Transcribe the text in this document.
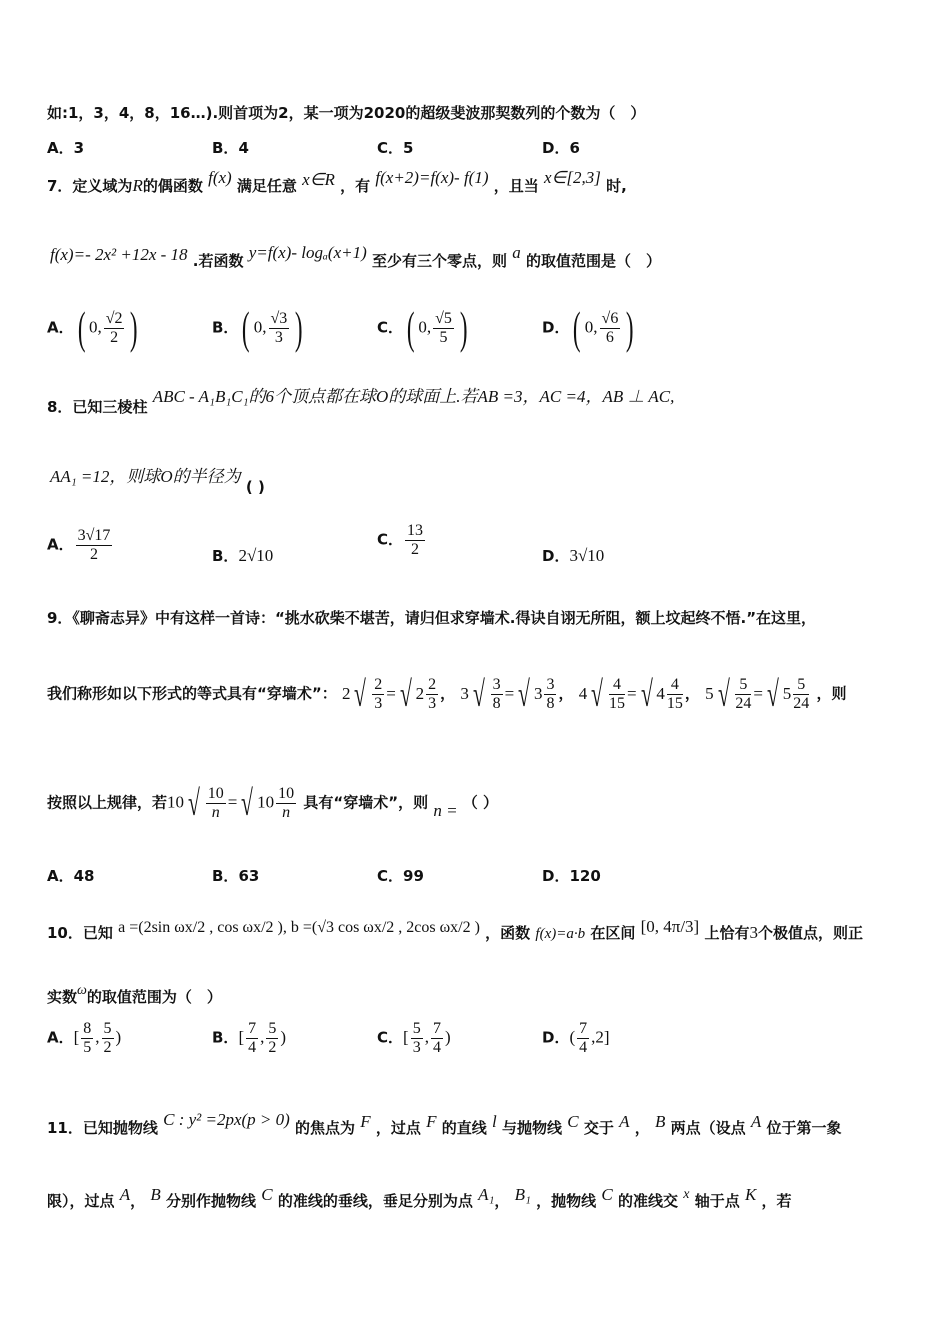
如:1，3，4，8，16…).则首项为2，某一项为2020的超级斐波那契数列的个数为（　）
A．3	B．4	C．5	D．6
7．定义域为R的偶函数 f(x) 满足任意 x∈R ，有 f(x+2)=f(x)- f(1) ，且当 x∈[2,3] 时,
f(x)=- 2x² +12x - 18 .若函数 y=f(x)- logₐ(x+1) 至少有三个零点，则 a 的取值范围是（　）
A．( 0, $\frac{√2}{2}$ )	B．( 0, $\frac{√3}{3}$ )	C．( 0, $\frac{√5}{5}$ )	D．( 0, $\frac{√6}{6}$ )
8．已知三棱柱 ABC - A₁B₁C₁的6个顶点都在球O的球面上.若AB =3，AC =4，AB ⊥ AC,
AA₁ =12，则球O的半径为 ( )
A． $\frac{3√17}{2}$	B．2√10
C． $\frac{13}{2}$	D．3√10
9．《聊斋志异》中有这样一首诗：“挑水砍柴不堪苦，请归但求穿墙术.得诀自诩无所阻，额上坟起终不悟.”在这里，
我们称形如以下形式的等式具有“穿墙术”： 2 √ $\frac{2}{3}$ = √ $2 \frac{2}{3}$ ， 3 √ $\frac{3}{8}$ = √ $3 \frac{3}{8}$ ， 4 √ $\frac{4}{15}$ = √ $4 \frac{4}{15}$ ， 5 √ $\frac{5}{24}$ = √ $5 \frac{5}{24}$ ，则
按照以上规律，若10 √ $\frac{10}{n}$ = √ $10 \frac{10}{n}$ 具有“穿墙术”，则 n = （ ）
A．48	B．63	C．99	D．120
10．已知 a =(2sin ωx/2 , cos ωx/2 ), b =(√3 cos ωx/2 , 2cos ωx/2 ) ，函数 f(x)=a·b 在区间 [0, 4π/3] 上恰有3个极值点，则正
实数ω的取值范围为（　）
A．[ $\frac{8}{5}$ , $\frac{5}{2}$ )	B．[ $\frac{7}{4}$ , $\frac{5}{2}$ )	C．[ $\frac{5}{3}$ , $\frac{7}{4}$ )	D．( $\frac{7}{4} ,2$]
11．已知抛物线 C : y² =2px(p > 0) 的焦点为 F ，过点 F 的直线 l 与抛物线 C 交于 A ， B 两点（设点 A 位于第一象
限），过点 A， B 分别作抛物线 C 的准线的垂线，垂足分别为点 A₁， B₁ ，抛物线 C 的准线交 x 轴于点 K ，若
